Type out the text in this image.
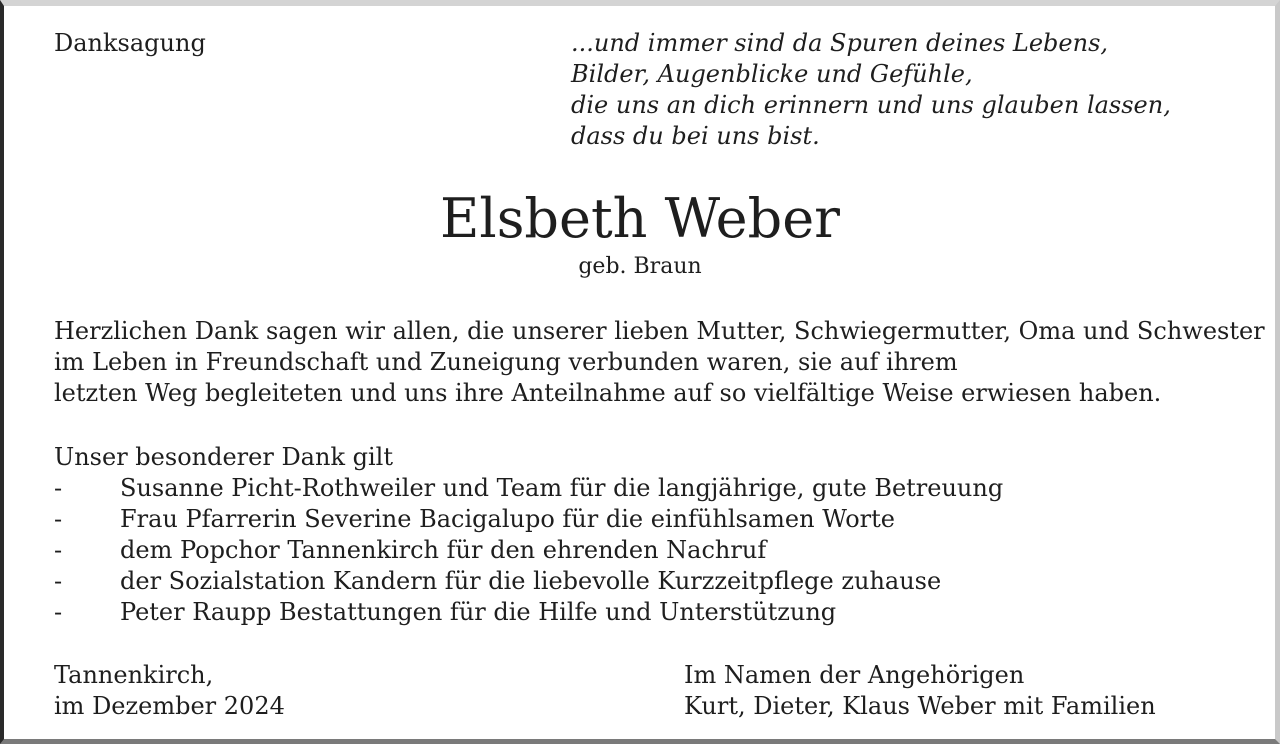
Danksagung	...und immer sind da Spuren deines Lebens,
Bilder, Augenblicke und Gefühle,
die uns an dich erinnern und uns glauben lassen,
dass du bei uns bist.
Elsbeth Weber
geb. Braun
Herzlichen Dank sagen wir allen, die unserer lieben Mutter, Schwiegermutter, Oma und Schwester
im Leben in Freundschaft und Zuneigung verbunden waren, sie auf ihrem
letzten Weg begleiteten und uns ihre Anteilnahme auf so vielfältige Weise erwiesen haben.
Unser besonderer Dank gilt
- Susanne Picht-Rothweiler und Team für die langjährige, gute Betreuung
- Frau Pfarrerin Severine Bacigalupo für die einfühlsamen Worte
- dem Popchor Tannenkirch für den ehrenden Nachruf
- der Sozialstation Kandern für die liebevolle Kurzzeitpflege zuhause
- Peter Raupp Bestattungen für die Hilfe und Unterstützung
Tannenkirch,
im Dezember 2024
Im Namen der Angehörigen
Kurt, Dieter, Klaus Weber mit Familien
